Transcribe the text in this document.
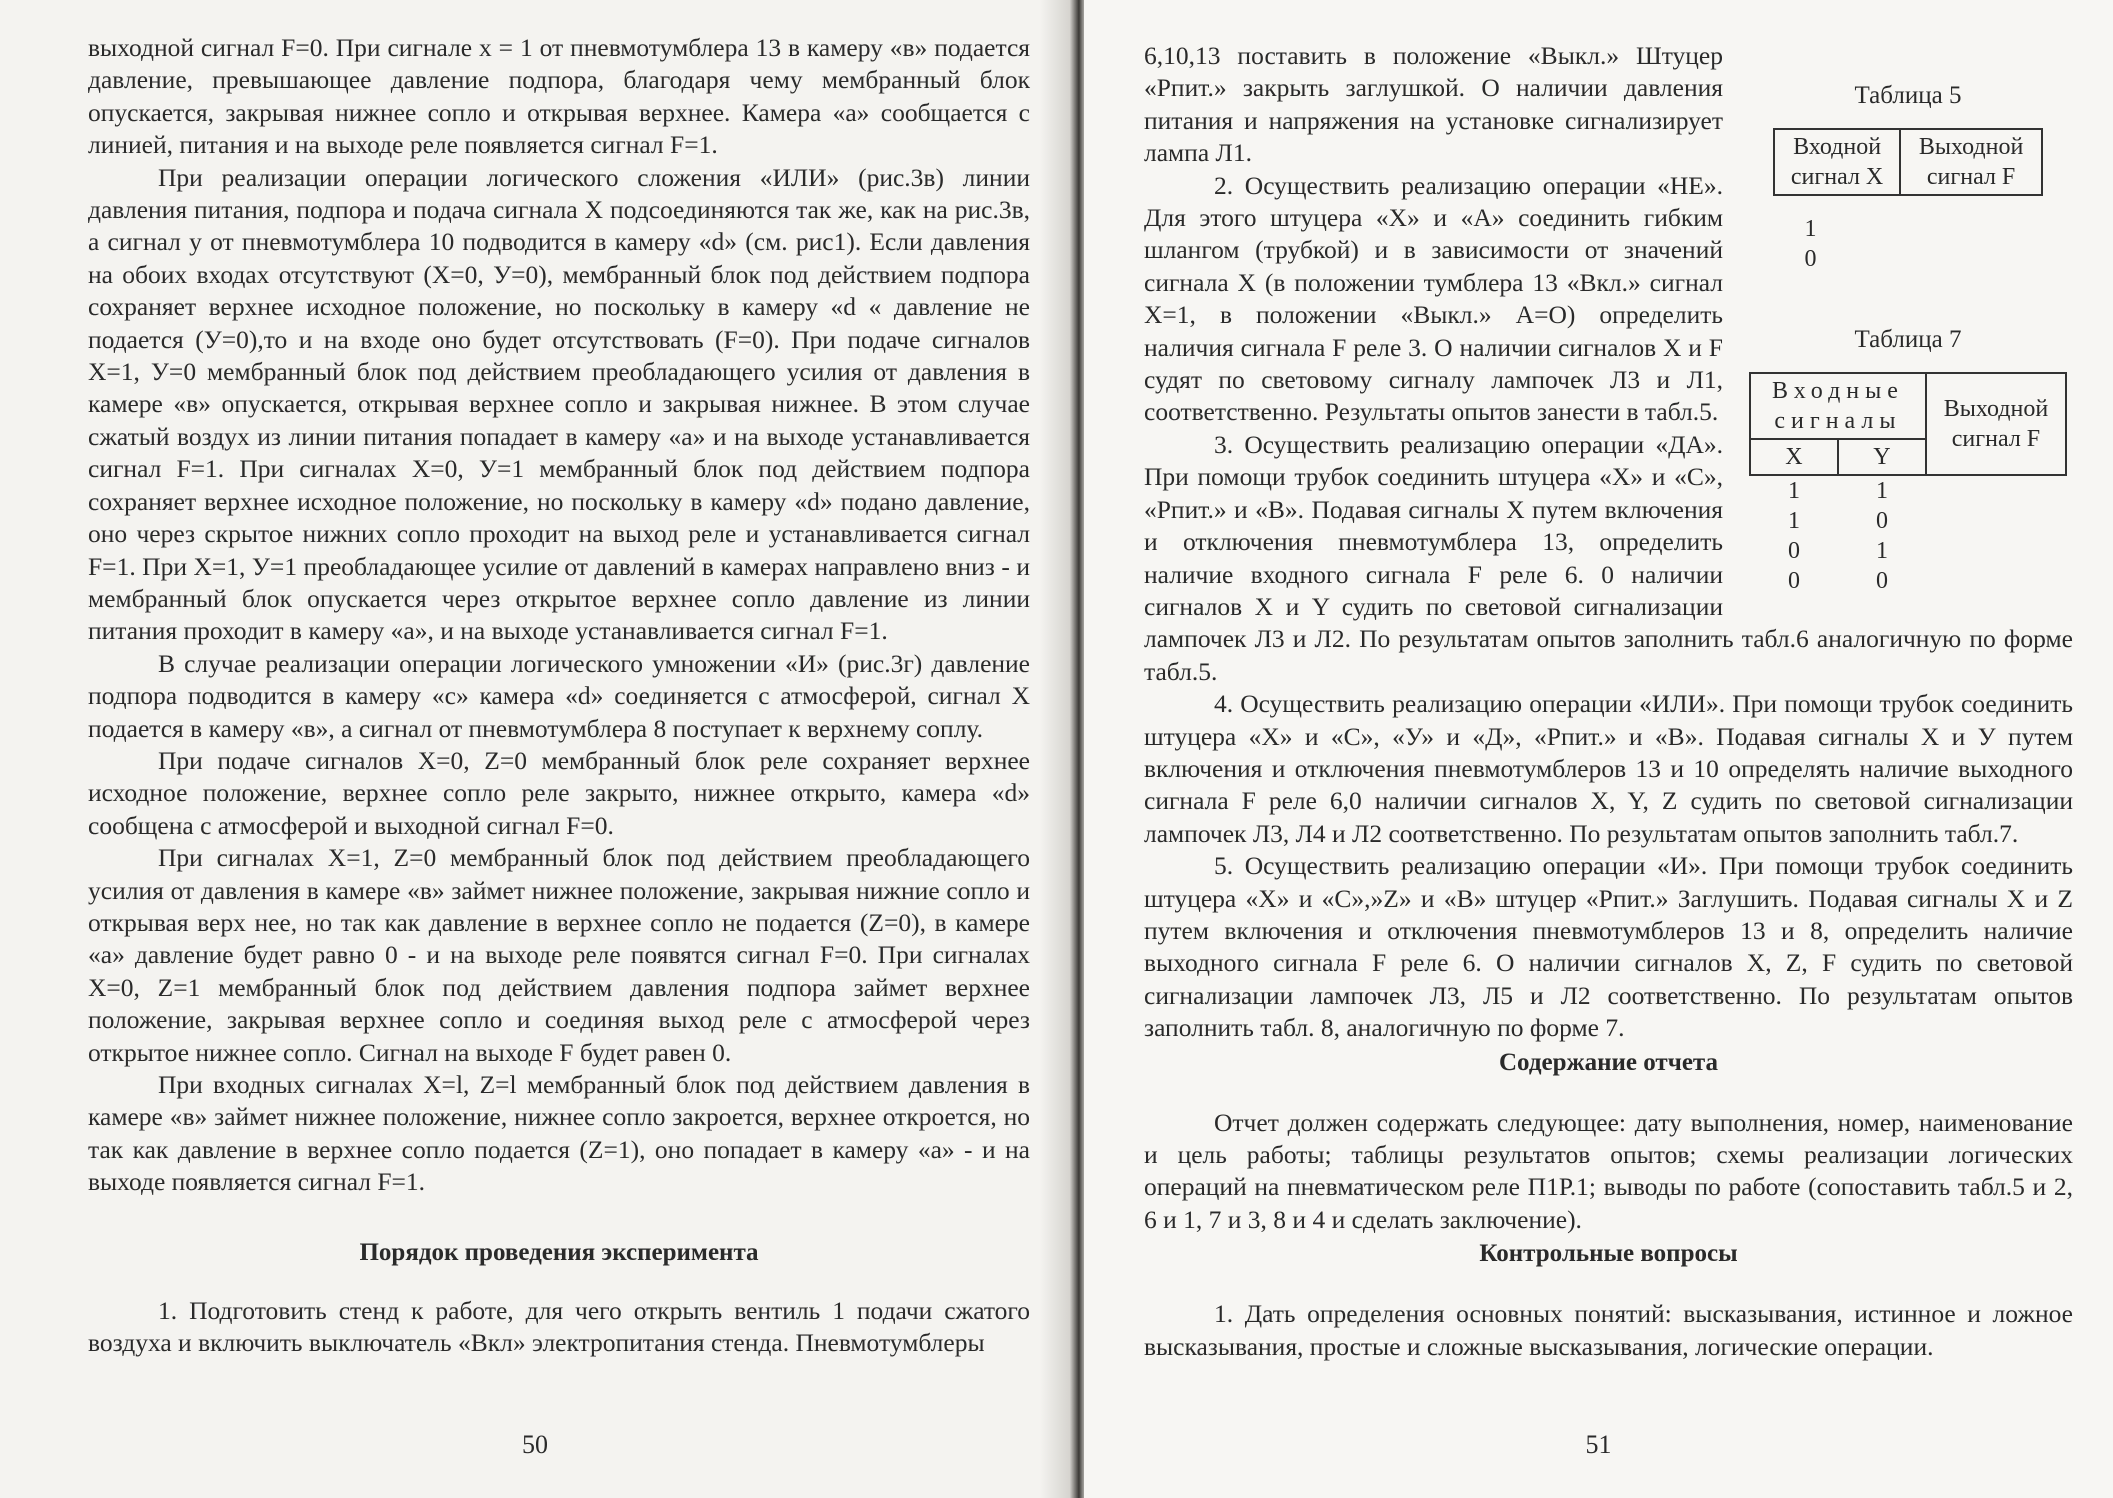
выходной сигнал F=0. При сигнале x = 1 от пневмотумблера 13 в камеру «в» подается давление, превышающее давление подпора, благодаря чему мембранный блок опускается, закрывая нижнее сопло и открывая верхнее. Камера «а» сообщается с линией, питания и на выходе реле появляется сигнал F=1.

При реализации операции логического сложения «ИЛИ» (рис.3в) линии давления питания, подпора и подача сигнала X подсоединяются так же, как на рис.3в, а сигнал у от пневмотумблера 10 подводится в камеру «d» (см. рис1). Если давления на обоих входах отсутствуют (X=0, У=0), мембранный блок под действием подпора сохраняет верхнее исходное положение, но поскольку в камеру «d « давление не подается (У=0),то и на входе оно будет отсутствовать (F=0). При подаче сигналов X=1, У=0 мембранный блок под действием преобладающего усилия от давления в камере «в» опускается, открывая верхнее сопло и закрывая нижнее. В этом случае сжатый воздух из линии питания попадает в камеру «а» и на выходе устанавливается сигнал F=1. При сигналах X=0, У=1 мембранный блок под действием подпора сохраняет верхнее исходное положение, но поскольку в камеру «d» подано давление, оно через скрытое нижних сопло проходит на выход реле и устанавливается сигнал F=1. При X=1, У=1 преобладающее усилие от давлений в камерах направлено вниз - и мембранный блок опускается через открытое верхнее сопло давление из линии питания проходит в камеру «а», и на выходе устанавливается сигнал F=1.

В случае реализации операции логического умножении «И» (рис.3г) давление подпора подводится в камеру «с» камера «d» соединяется с атмосферой, сигнал X подается в камеру «в», а сигнал от пневмотумблера 8 поступает к верхнему соплу.

При подаче сигналов X=0, Z=0 мембранный блок реле сохраняет верхнее исходное положение, верхнее сопло реле закрыто, нижнее открыто, камера «d» сообщена с атмосферой и выходной сигнал F=0.

При сигналах X=1, Z=0 мембранный блок под действием преобладающего усилия от давления в камере «в» займет нижнее положение, закрывая нижние сопло и открывая верх нее, но так как давление в верхнее сопло не подается (Z=0), в камере «а» давление будет равно 0 - и на выходе реле появятся сигнал F=0. При сигналах X=0, Z=1 мембранный блок под действием давления подпора займет верхнее положение, закрывая верхнее сопло и соединяя выход реле с атмосферой через открытое нижнее сопло. Сигнал на выходе F будет равен 0.

При входных сигналах X=l, Z=l мембранный блок под действием давления в камере «в» займет нижнее положение, нижнее сопло закроется, верхнее откроется, но так как давление в верхнее сопло подается (Z=1), оно попадает в камеру «а» - и на выходе появляется сигнал F=1.

Порядок проведения эксперимента

1. Подготовить стенд к работе, для чего открыть вентиль 1 подачи сжатого воздуха и включить выключатель «Вкл» электропитания стенда. Пневмотумблеры

50
Таблица 5
Входной сигнал X	Выходной сигнал F
1
0
Таблица 7
Входные сигналы		Выходной сигнал F
X	Y	
1	1	
1	0	
0	1	
0	0	

6,10,13 поставить в положение «Выкл.» Штуцер «Рпит.» закрыть заглушкой. О наличии давления питания и напряжения на установке сигнализирует лампа Л1.

2. Осуществить реализацию операции «НЕ». Для этого штуцера «X» и «А» соединить гибким шлангом (трубкой) и в зависимости от значений сигнала X (в положении тумблера 13 «Вкл.» сигнал X=1, в положении «Выкл.» А=О) определить наличия сигнала F реле 3. О наличии сигналов X и F судят по световому сигналу лампочек Л3 и Л1, соответственно. Результаты опытов занести в табл.5.

3. Осуществить реализацию операции «ДА». При помощи трубок соединить штуцера «X» и «С», «Рпит.» и «В». Подавая сигналы X путем включения и отключения пневмотумблера 13, определить наличие входного сигнала F реле 6. 0 наличии сигналов X и Y судить по световой сигнализации лампочек Л3 и Л2. По результатам опытов заполнить табл.6 аналогичную по форме табл.5.

4. Осуществить реализацию операции «ИЛИ». При помощи трубок соединить штуцера «X» и «С», «У» и «Д», «Рпит.» и «В». Подавая сигналы X и У путем включения и отключения пневмотумблеров 13 и 10 определять наличие выходного сигнала F реле 6,0 наличии сигналов X, Y, Z судить по световой сигнализации лампочек Л3, Л4 и Л2 соответственно. По результатам опытов заполнить табл.7.

5. Осуществить реализацию операции «И». При помощи трубок соединить штуцера «X» и «С»,»Z» и «В» штуцер «Рпит.» Заглушить. Подавая сигналы X и Z путем включения и отключения пневмотумблеров 13 и 8, определить наличие выходного сигнала F реле 6. О наличии сигналов X, Z, F судить по световой сигнализации лампочек Л3, Л5 и Л2 соответственно. По результатам опытов заполнить табл. 8, аналогичную по форме 7.

Содержание отчета

Отчет должен содержать следующее: дату выполнения, номер, наименование и цель работы; таблицы результатов опытов; схемы реализации логических операций на пневматическом реле П1Р.1; выводы по работе (сопоставить табл.5 и 2, 6 и 1, 7 и 3, 8 и 4 и сделать заключение).

Контрольные вопросы

1. Дать определения основных понятий: высказывания, истинное и ложное высказывания, простые и сложные высказывания, логические операции.

51
